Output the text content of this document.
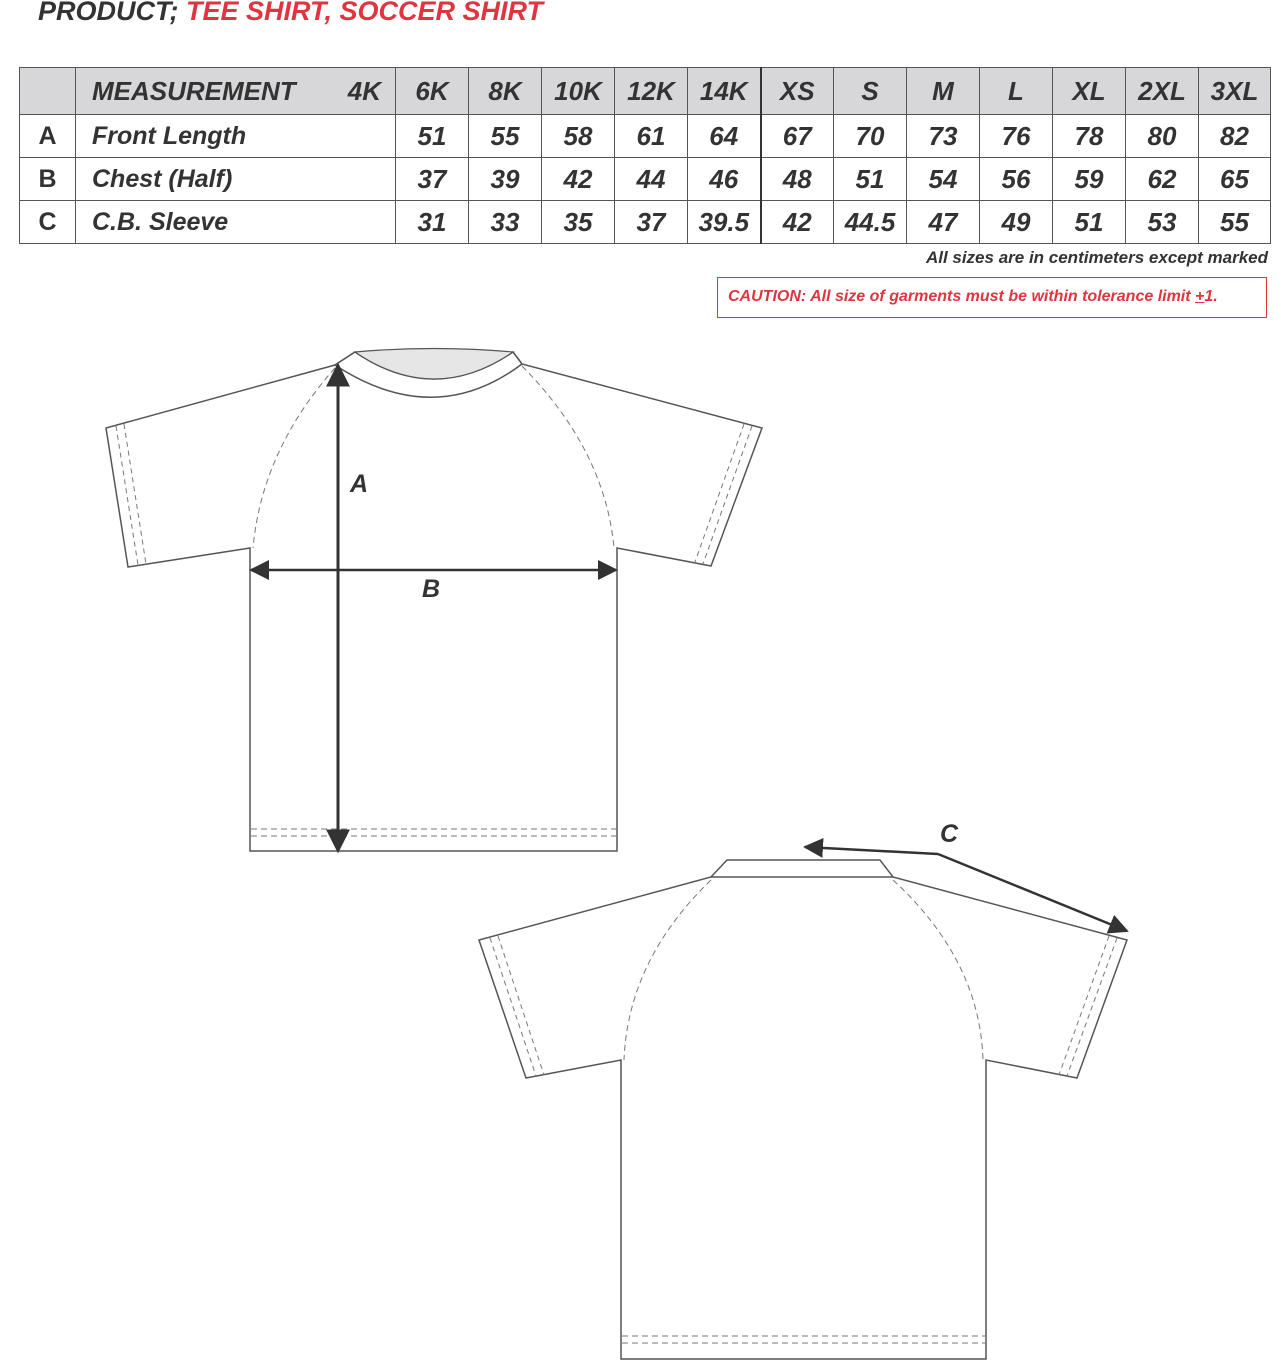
PRODUCT; TEE SHIRT, SOCCER SHIRT
	MEASUREMENT 4K	6K	8K	10K	12K	14K	XS	S	M	L	XL	2XL	3XL
A	Front Length	51	55	58	61	64	67	70	73	76	78	80	82
B	Chest (Half)	37	39	42	44	46	48	51	54	56	59	62	65
C	C.B. Sleeve	31	33	35	37	39.5	42	44.5	47	49	51	53	55
All sizes are in centimeters except marked
CAUTION: All size of garments must be within tolerance limit +1.
A
B
C
